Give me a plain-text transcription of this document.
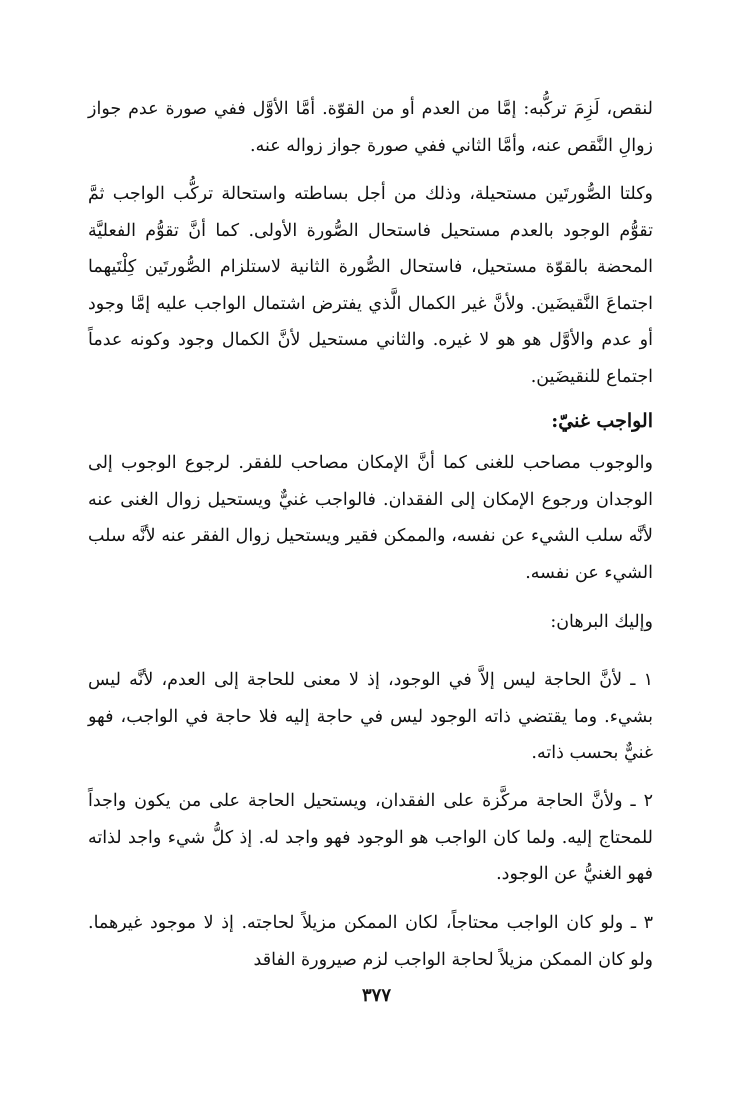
لنقص، لَزِمَ تركُّبه: إمَّا من العدم أو من القوّة. أمَّا الأوَّل ففي صورة عدم جواز زوالِ النَّقص عنه، وأمَّا الثاني ففي صورة جواز زواله عنه.

وكلتا الصُّورتَين مستحيلة، وذلك من أجل بساطته واستحالة تركُّب الواجب ثمَّ تقوُّم الوجود بالعدم مستحيل فاستحال الصُّورة الأولى. كما أنَّ تقوُّم الفعليَّة المحضة بالقوّة مستحيل، فاستحال الصُّورة الثانية لاستلزام الصُّورتَين كِلْتَيهما اجتماعَ النَّقيضَين. ولأنَّ غير الكمال الَّذي يفترض اشتمال الواجب عليه إمَّا وجود أو عدم والأوَّل هو هو لا غيره. والثاني مستحيل لأنَّ الكمال وجود وكونه عدماً اجتماع للنقيضَين.

الواجب غنيّ:

والوجوب مصاحب للغنى كما أنَّ الإمكان مصاحب للفقر. لرجوع الوجوب إلى الوجدان ورجوع الإمكان إلى الفقدان. فالواجب غنيٌّ ويستحيل زوال الغنى عنه لأنَّه سلب الشيء عن نفسه، والممكن فقير ويستحيل زوال الفقر عنه لأنَّه سلب الشيء عن نفسه.

وإليك البرهان:

١ ـ لأنَّ الحاجة ليس إلاَّ في الوجود، إذ لا معنى للحاجة إلى العدم، لأنَّه ليس بشيء. وما يقتضي ذاته الوجود ليس في حاجة إليه فلا حاجة في الواجب، فهو غنيٌّ بحسب ذاته.

٢ ـ ولأنَّ الحاجة مركَّزة على الفقدان، ويستحيل الحاجة على من يكون واجداً للمحتاج إليه. ولما كان الواجب هو الوجود فهو واجد له. إذ كلُّ شيء واجد لذاته فهو الغنيُّ عن الوجود.

٣ ـ ولو كان الواجب محتاجاً، لكان الممكن مزيلاً لحاجته. إذ لا موجود غيرهما. ولو كان الممكن مزيلاً لحاجة الواجب لزم صيرورة الفاقد

٣٧٧
